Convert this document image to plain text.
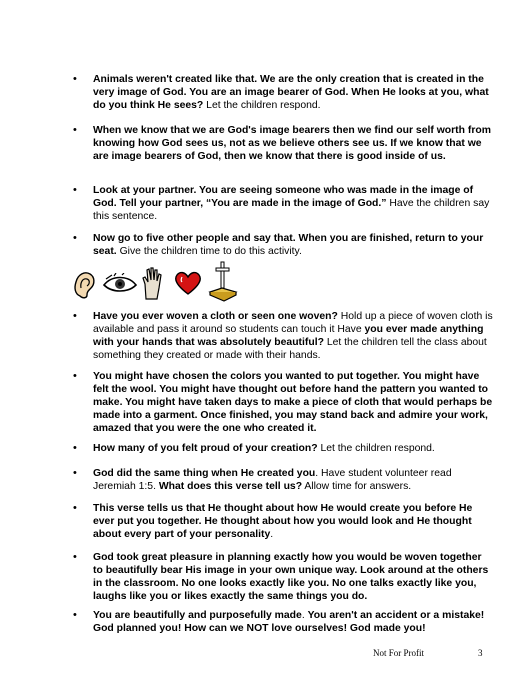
• Animals weren't created like that. We are the only creation that is created in the very image of God. You are an image bearer of God. When He looks at you, what do you think He sees? Let the children respond.
• When we know that we are God's image bearers then we find our self worth from knowing how God sees us, not as we believe others see us. If we know that we are image bearers of God, then we know that there is good inside of us.
• Look at your partner. You are seeing someone who was made in the image of God. Tell your partner, “You are made in the image of God.” Have the children say this sentence.
• Now go to five other people and say that. When you are finished, return to your seat. Give the children time to do this activity.
• Have you ever woven a cloth or seen one woven? Hold up a piece of woven cloth is available and pass it around so students can touch it Have you ever made anything with your hands that was absolutely beautiful? Let the children tell the class about something they created or made with their hands.
• You might have chosen the colors you wanted to put together. You might have felt the wool. You might have thought out before hand the pattern you wanted to make. You might have taken days to make a piece of cloth that would perhaps be made into a garment. Once finished, you may stand back and admire your work, amazed that you were the one who created it.
• How many of you felt proud of your creation? Let the children respond.
• God did the same thing when He created you. Have student volunteer read Jeremiah 1:5. What does this verse tell us? Allow time for answers.
• This verse tells us that He thought about how He would create you before He ever put you together. He thought about how you would look and He thought about every part of your personality.
• God took great pleasure in planning exactly how you would be woven together to beautifully bear His image in your own unique way. Look around at the others in the classroom. No one looks exactly like you. No one talks exactly like you, laughs like you or likes exactly the same things you do.
• You are beautifully and purposefully made. You aren't an accident or a mistake! God planned you! How can we NOT love ourselves! God made you!
Not For Profit	3
